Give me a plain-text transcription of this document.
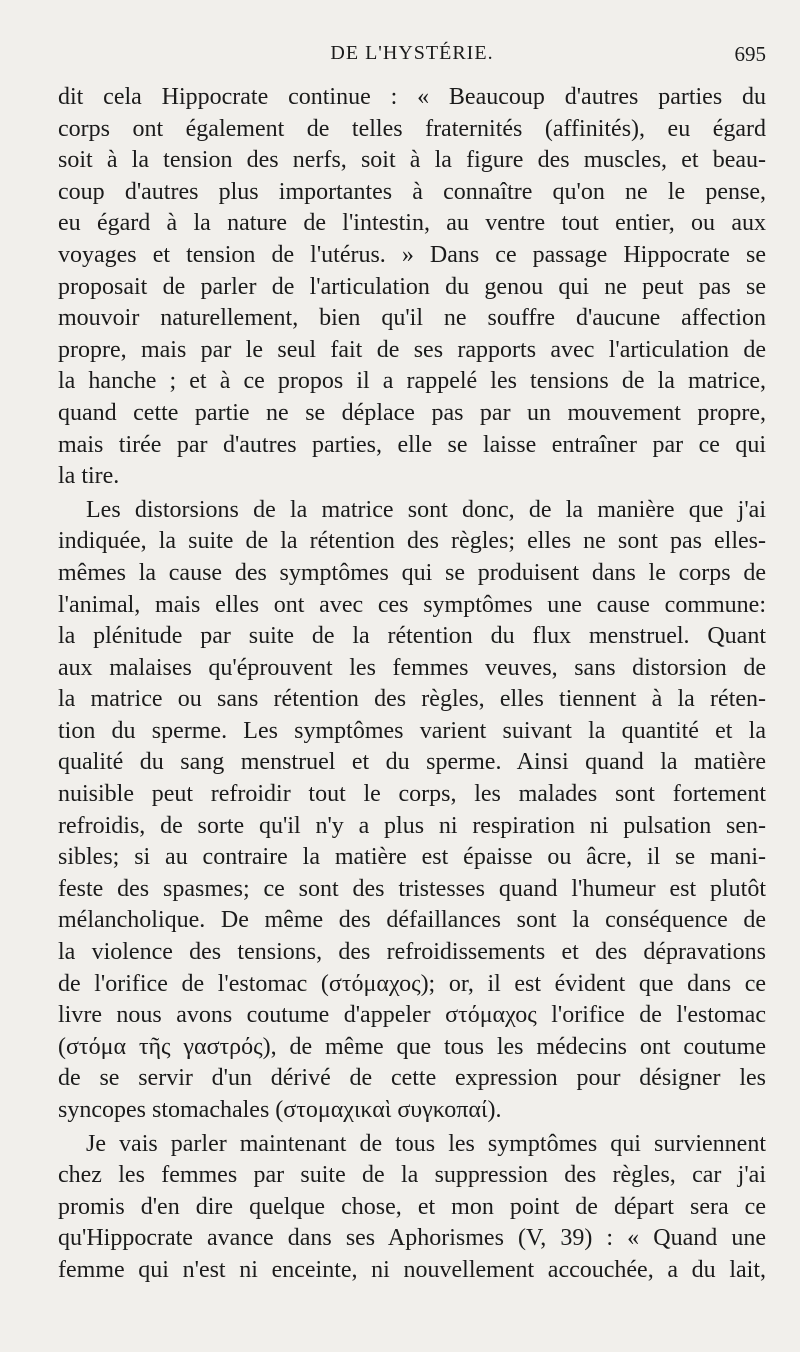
DE L'HYSTÉRIE.	695
dit cela Hippocrate continue : « Beaucoup d'autres parties du
corps ont également de telles fraternités (affinités), eu égard
soit à la tension des nerfs, soit à la figure des muscles, et beau-
coup d'autres plus importantes à connaître qu'on ne le pense,
eu égard à la nature de l'intestin, au ventre tout entier, ou aux
voyages et tension de l'utérus. » Dans ce passage Hippocrate se
proposait de parler de l'articulation du genou qui ne peut pas se
mouvoir naturellement, bien qu'il ne souffre d'aucune affection
propre, mais par le seul fait de ses rapports avec l'articulation de
la hanche ; et à ce propos il a rappelé les tensions de la matrice,
quand cette partie ne se déplace pas par un mouvement propre,
mais tirée par d'autres parties, elle se laisse entraîner par ce qui
la tire.
Les distorsions de la matrice sont donc, de la manière que j'ai
indiquée, la suite de la rétention des règles; elles ne sont pas elles-
mêmes la cause des symptômes qui se produisent dans le corps de
l'animal, mais elles ont avec ces symptômes une cause commune:
la plénitude par suite de la rétention du flux menstruel. Quant
aux malaises qu'éprouvent les femmes veuves, sans distorsion de
la matrice ou sans rétention des règles, elles tiennent à la réten-
tion du sperme. Les symptômes varient suivant la quantité et la
qualité du sang menstruel et du sperme. Ainsi quand la matière
nuisible peut refroidir tout le corps, les malades sont fortement
refroidis, de sorte qu'il n'y a plus ni respiration ni pulsation sen-
sibles; si au contraire la matière est épaisse ou âcre, il se mani-
feste des spasmes; ce sont des tristesses quand l'humeur est plutôt
mélancholique. De même des défaillances sont la conséquence de
la violence des tensions, des refroidissements et des dépravations
de l'orifice de l'estomac (στόμαχος); or, il est évident que dans ce
livre nous avons coutume d'appeler στόμαχος l'orifice de l'estomac
(στόμα τῆς γαστρός), de même que tous les médecins ont coutume
de se servir d'un dérivé de cette expression pour désigner les
syncopes stomachales (στομαχικαὶ συγκοπαί).
Je vais parler maintenant de tous les symptômes qui surviennent
chez les femmes par suite de la suppression des règles, car j'ai
promis d'en dire quelque chose, et mon point de départ sera ce
qu'Hippocrate avance dans ses Aphorismes (V, 39) : « Quand une
femme qui n'est ni enceinte, ni nouvellement accouchée, a du lait,
